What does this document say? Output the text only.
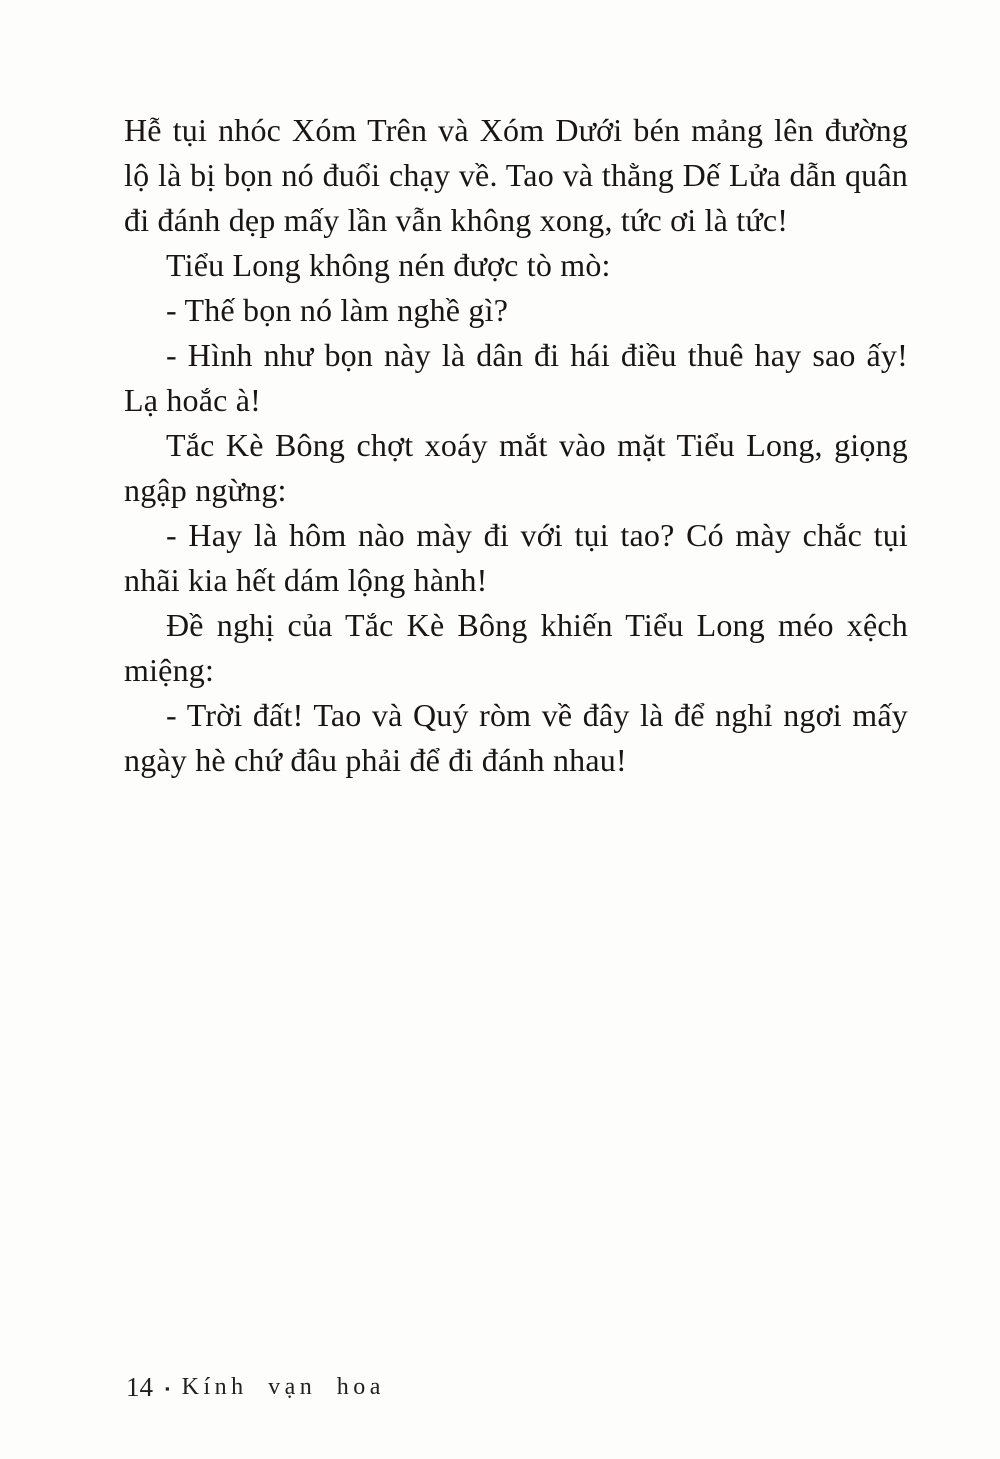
Hễ tụi nhóc Xóm Trên và Xóm Dưới bén mảng lên đường lộ là bị bọn nó đuổi chạy về. Tao và thằng Dế Lửa dẫn quân đi đánh dẹp mấy lần vẫn không xong, tức ơi là tức!

Tiểu Long không nén được tò mò:

- Thế bọn nó làm nghề gì?

- Hình như bọn này là dân đi hái điều thuê hay sao ấy! Lạ hoắc à!

Tắc Kè Bông chợt xoáy mắt vào mặt Tiểu Long, giọng ngập ngừng:

- Hay là hôm nào mày đi với tụi tao? Có mày chắc tụi nhãi kia hết dám lộng hành!

Đề nghị của Tắc Kè Bông khiến Tiểu Long méo xệch miệng:

- Trời đất! Tao và Quý ròm về đây là để nghỉ ngơi mấy ngày hè chứ đâu phải để đi đánh nhau!

14 ▪ Kính vạn hoa
